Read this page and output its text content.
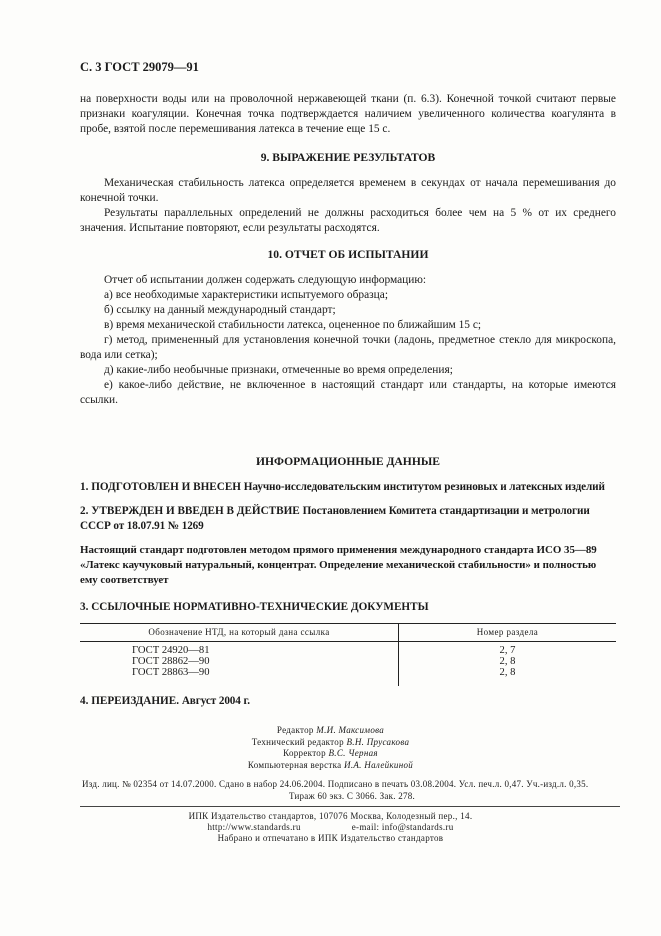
С. 3 ГОСТ 29079—91

на поверхности воды или на проволочной нержавеющей ткани (п. 6.3). Конечной точкой считают первые признаки коагуляции. Конечная точка подтверждается наличием увеличенного количества коагулянта в пробе, взятой после перемешивания латекса в течение еще 15 с.

9. ВЫРАЖЕНИЕ РЕЗУЛЬТАТОВ

Механическая стабильность латекса определяется временем в секундах от начала перемешивания до конечной точки.

Результаты параллельных определений не должны расходиться более чем на 5 % от их среднего значения. Испытание повторяют, если результаты расходятся.

10. ОТЧЕТ ОБ ИСПЫТАНИИ

Отчет об испытании должен содержать следующую информацию:

а) все необходимые характеристики испытуемого образца;

б) ссылку на данный международный стандарт;

в) время механической стабильности латекса, оцененное по ближайшим 15 с;

г) метод, примененный для установления конечной точки (ладонь, предметное стекло для микроскопа, вода или сетка);

д) какие-либо необычные признаки, отмеченные во время определения;

е) какое-либо действие, не включенное в настоящий стандарт или стандарты, на которые имеются ссылки.

ИНФОРМАЦИОННЫЕ ДАННЫЕ
1. ПОДГОТОВЛЕН И ВНЕСЕН Научно-исследовательским институтом резиновых и латексных изделий
2. УТВЕРЖДЕН И ВВЕДЕН В ДЕЙСТВИЕ Постановлением Комитета стандартизации и метрологии СССР от 18.07.91 № 1269
Настоящий стандарт подготовлен методом прямого применения международного стандарта ИСО 35—89 «Латекс каучуковый натуральный, концентрат. Определение механической стабильности» и полностью ему соответствует
3. ССЫЛОЧНЫЕ НОРМАТИВНО-ТЕХНИЧЕСКИЕ ДОКУМЕНТЫ
Обозначение НТД, на который дана ссылка	Номер раздела
ГОСТ 24920—81	2, 7
ГОСТ 28862—90	2, 8
ГОСТ 28863—90	2, 8
4. ПЕРЕИЗДАНИЕ. Август 2004 г.
Редактор М.И. Максимова
Технический редактор В.Н. Прусакова
Корректор В.С. Черная
Компьютерная верстка И.А. Налейкиной
Изд. лиц. № 02354 от 14.07.2000. Сдано в набор 24.06.2004. Подписано в печать 03.08.2004. Усл. печ.л. 0,47. Уч.-изд.л. 0,35.
Тираж 60 экз. С 3066. Зак. 278.
ИПК Издательство стандартов, 107076 Москва, Колодезный пер., 14.
http://www.standards.ru	e-mail: info@standards.ru
Набрано и отпечатано в ИПК Издательство стандартов
